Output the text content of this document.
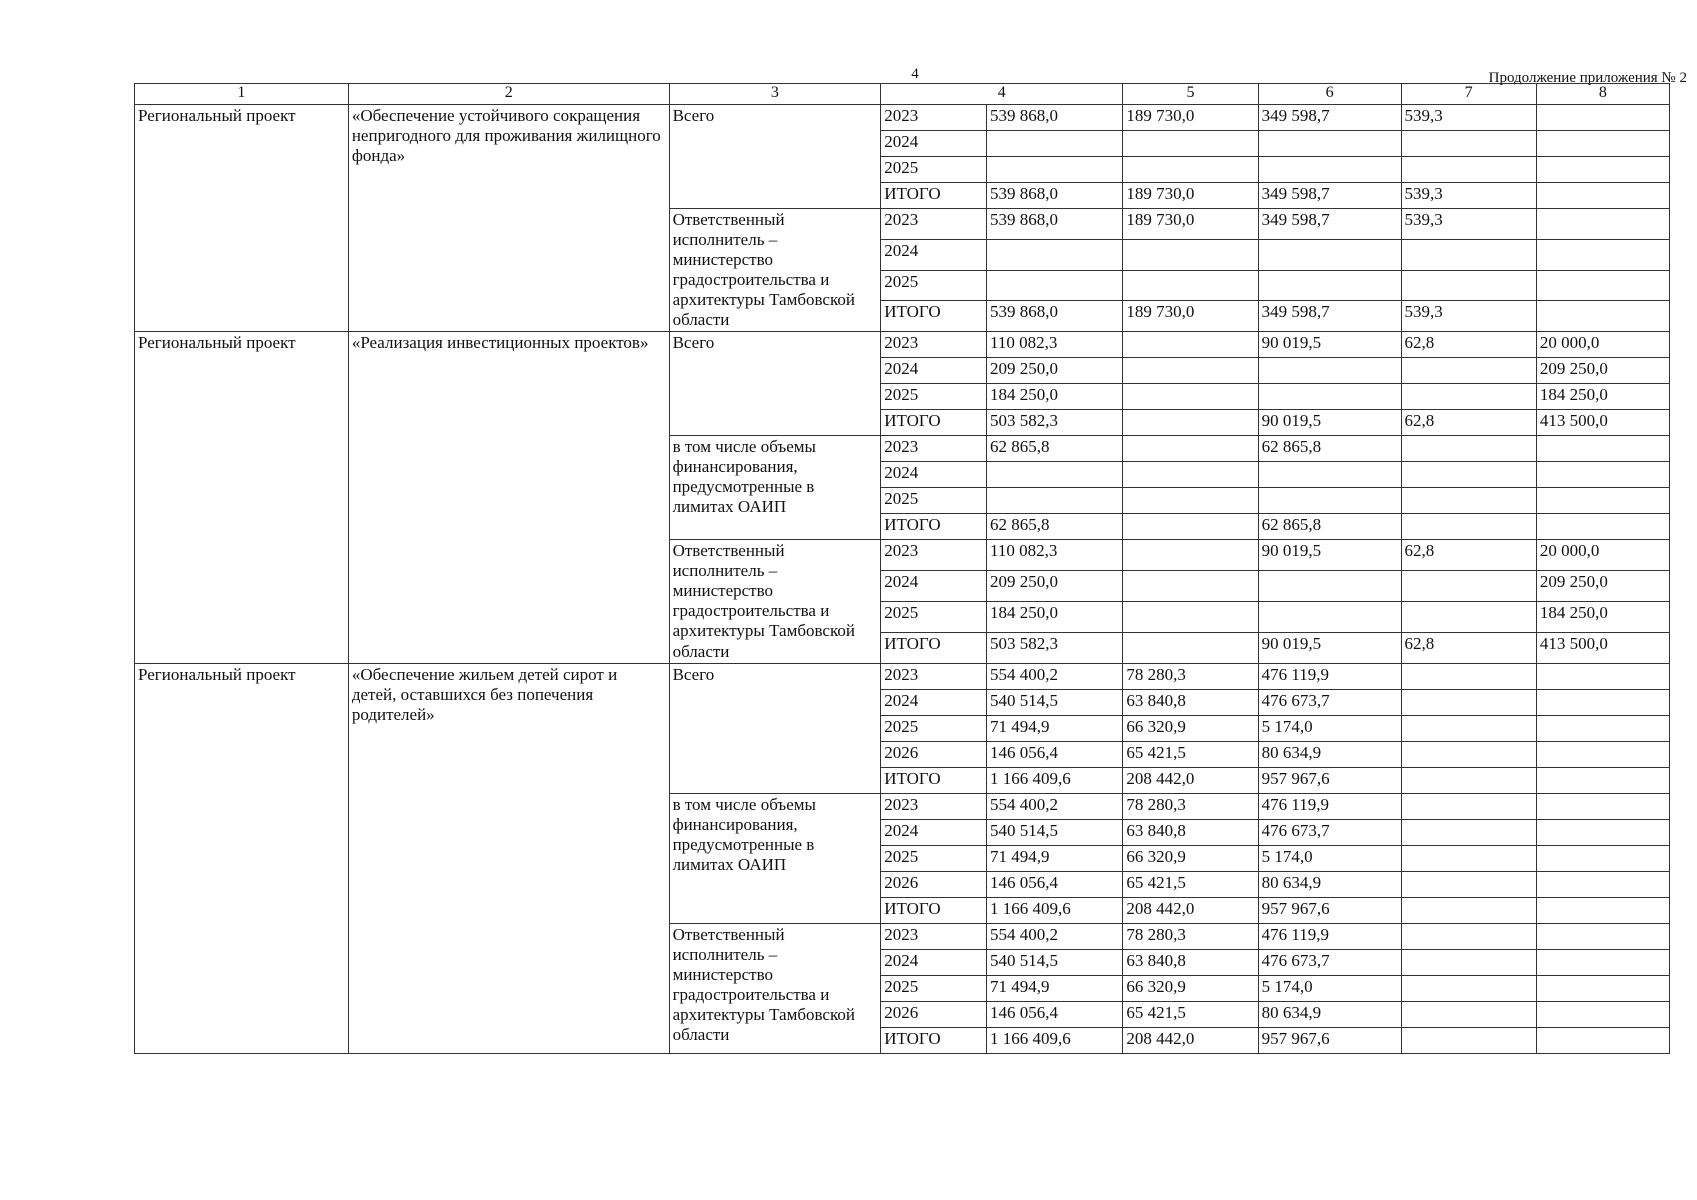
4	Продолжение приложения № 2
1	2	3	4		5	6	7	8
Региональный проект	«Обеспечение устойчивого сокращения непригодного для проживания жилищного фонда»	Всего	2023	539 868,0	189 730,0	349 598,7	539,3	
			2024					
			2025					
			ИТОГО	539 868,0	189 730,0	349 598,7	539,3	
		Ответственный исполнитель – министерство градостроительства и архитектуры Тамбовской области	2023	539 868,0	189 730,0	349 598,7	539,3	
			2024					
			2025					
			ИТОГО	539 868,0	189 730,0	349 598,7	539,3	
Региональный проект	«Реализация инвестиционных проектов»	Всего	2023	110 082,3		90 019,5	62,8	20 000,0
			2024	209 250,0				209 250,0
			2025	184 250,0				184 250,0
			ИТОГО	503 582,3		90 019,5	62,8	413 500,0
		в том числе объемы финансирования, предусмотренные в лимитах ОАИП	2023	62 865,8		62 865,8		
			2024					
			2025					
			ИТОГО	62 865,8		62 865,8		
		Ответственный исполнитель – министерство градостроительства и архитектуры Тамбовской области	2023	110 082,3		90 019,5	62,8	20 000,0
			2024	209 250,0				209 250,0
			2025	184 250,0				184 250,0
			ИТОГО	503 582,3		90 019,5	62,8	413 500,0
Региональный проект	«Обеспечение жильем детей сирот и детей, оставшихся без попечения родителей»	Всего	2023	554 400,2	78 280,3	476 119,9		
			2024	540 514,5	63 840,8	476 673,7		
			2025	71 494,9	66 320,9	5 174,0		
			2026	146 056,4	65 421,5	80 634,9		
			ИТОГО	1 166 409,6	208 442,0	957 967,6		
		в том числе объемы финансирования, предусмотренные в лимитах ОАИП	2023	554 400,2	78 280,3	476 119,9		
			2024	540 514,5	63 840,8	476 673,7		
			2025	71 494,9	66 320,9	5 174,0		
			2026	146 056,4	65 421,5	80 634,9		
			ИТОГО	1 166 409,6	208 442,0	957 967,6		
		Ответственный исполнитель – министерство градостроительства и архитектуры Тамбовской области	2023	554 400,2	78 280,3	476 119,9		
			2024	540 514,5	63 840,8	476 673,7		
			2025	71 494,9	66 320,9	5 174,0		
			2026	146 056,4	65 421,5	80 634,9		
			ИТОГО	1 166 409,6	208 442,0	957 967,6		
